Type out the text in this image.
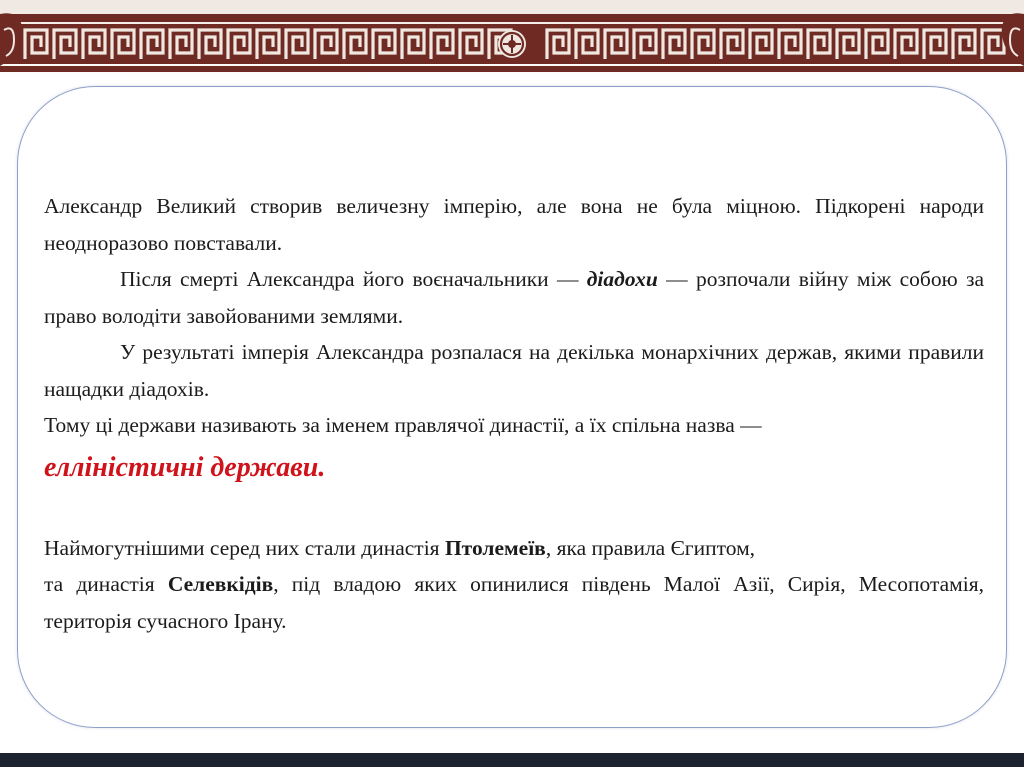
Александр Великий створив величезну імперію, але вона не була міцною. Підкорені народи неодноразово повставали.

Після смерті Александра його воєначальники — діадохи — розпочали війну між собою за право володіти завойованими землями.

У результаті імперія Александра розпалася на декілька монархічних держав, якими правили нащадки діадохів.

Тому ці держави називають за іменем правлячої династії, а їх спільна назва —
елліністичні держави.

Наймогутнішими серед них стали династія Птолемеїв, яка правила Єгиптом,

та династія Селевкідів, під владою яких опинилися південь Малої Азії, Сирія, Месопотамія, територія сучасного Ірану.
